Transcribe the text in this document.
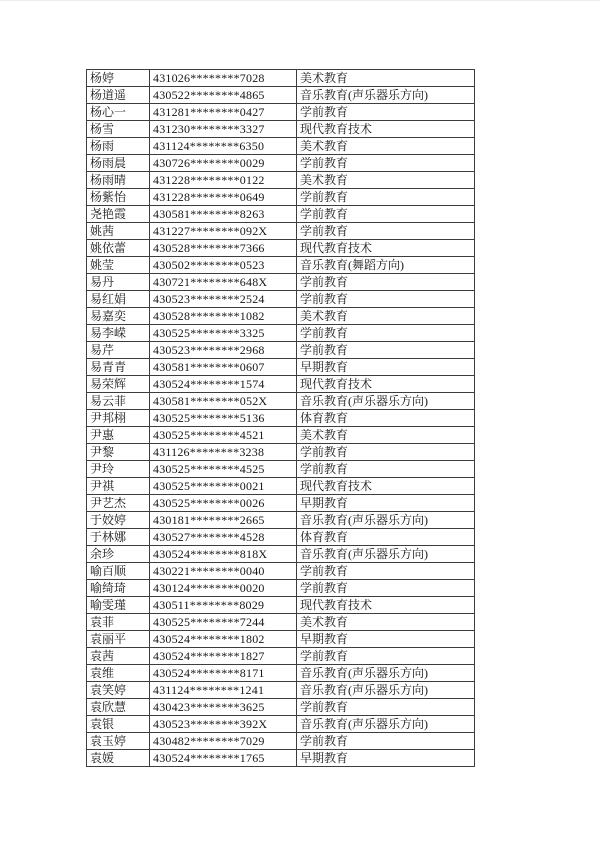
杨婷	431026********7028	美术教育
杨道遥	430522********4865	音乐教育(声乐器乐方向)
杨心一	431281********0427	学前教育
杨雪	431230********3327	现代教育技术
杨雨	431124********6350	美术教育
杨雨晨	430726********0029	学前教育
杨雨晴	431228********0122	美术教育
杨紫怡	431228********0649	学前教育
尧艳霞	430581********8263	学前教育
姚茜	431227********092X	学前教育
姚依蕾	430528********7366	现代教育技术
姚莹	430502********0523	音乐教育(舞蹈方向)
易丹	430721********648X	学前教育
易红娟	430523********2524	学前教育
易嘉奕	430528********1082	美术教育
易李嵘	430525********3325	学前教育
易芹	430523********2968	学前教育
易青青	430581********0607	早期教育
易荣辉	430524********1574	现代教育技术
易云菲	430581********052X	音乐教育(声乐器乐方向)
尹邦栩	430525********5136	体育教育
尹惠	430525********4521	美术教育
尹黎	431126********3238	学前教育
尹玲	430525********4525	学前教育
尹祺	430525********0021	现代教育技术
尹艺杰	430525********0026	早期教育
于姣婷	430181********2665	音乐教育(声乐器乐方向)
于林娜	430527********4528	体育教育
余珍	430524********818X	音乐教育(声乐器乐方向)
喻百顺	430221********0040	学前教育
喻绮琦	430124********0020	学前教育
喻雯瑾	430511********8029	现代教育技术
袁菲	430525********7244	美术教育
袁丽平	430524********1802	早期教育
袁茜	430524********1827	学前教育
袁维	430524********8171	音乐教育(声乐器乐方向)
袁笑婷	431124********1241	音乐教育(声乐器乐方向)
袁欣慧	430423********3625	学前教育
袁银	430523********392X	音乐教育(声乐器乐方向)
袁玉婷	430482********7029	学前教育
袁媛	430524********1765	早期教育
